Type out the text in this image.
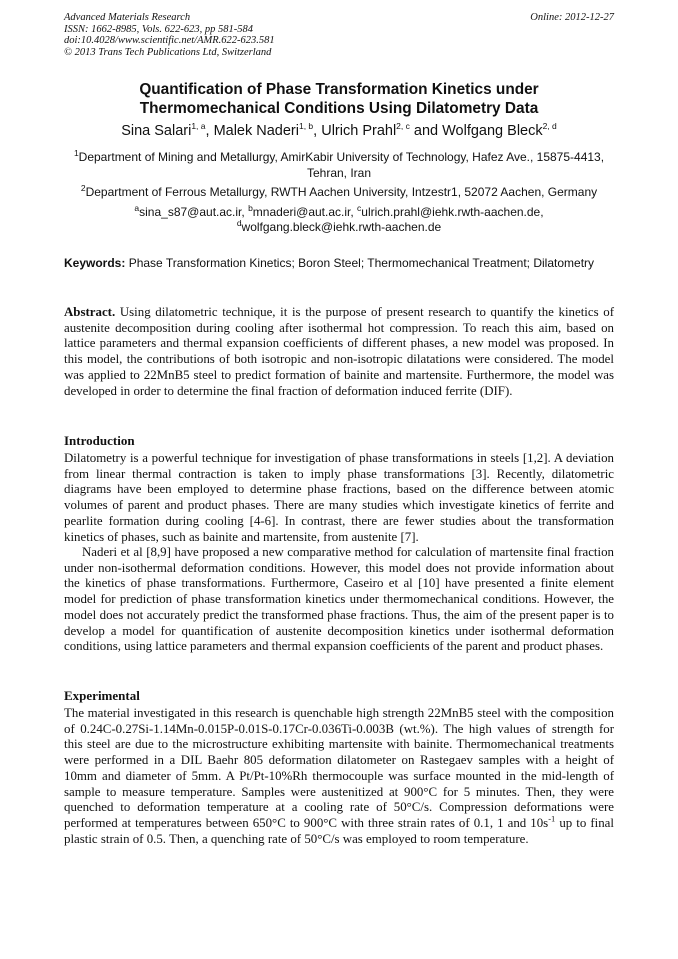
Advanced Materials Research
ISSN: 1662-8985, Vols. 622-623, pp 581-584
doi:10.4028/www.scientific.net/AMR.622-623.581
© 2013 Trans Tech Publications Ltd, Switzerland
Online: 2012-12-27
Quantification of Phase Transformation Kinetics under
Thermomechanical Conditions Using Dilatometry Data
Sina Salari$^{1, a}$, Malek Naderi$^{1, b}$, Ulrich Prahl$^{2, c}$ and Wolfgang Bleck$^{2, d}$
$^1$Department of Mining and Metallurgy, AmirKabir University of Technology, Hafez Ave., 15875-4413, Tehran, Iran
$^2$Department of Ferrous Metallurgy, RWTH Aachen University, Intzestr1, 52072 Aachen, Germany
$^a$sina_s87@aut.ac.ir, $^b$mnaderi@aut.ac.ir, $^c$ulrich.prahl@iehk.rwth-aachen.de,
$^d$wolfgang.bleck@iehk.rwth-aachen.de
Keywords: Phase Transformation Kinetics; Boron Steel; Thermomechanical Treatment; Dilatometry
Abstract. Using dilatometric technique, it is the purpose of present research to quantify the kinetics of austenite decomposition during cooling after isothermal hot compression. To reach this aim, based on lattice parameters and thermal expansion coefficients of different phases, a new model was proposed. In this model, the contributions of both isotropic and non-isotropic dilatations were considered. The model was applied to 22MnB5 steel to predict formation of bainite and martensite. Furthermore, the model was developed in order to determine the final fraction of deformation induced ferrite (DIF).
Introduction
Dilatometry is a powerful technique for investigation of phase transformations in steels [1,2]. A deviation from linear thermal contraction is taken to imply phase transformations [3]. Recently, dilatometric diagrams have been employed to determine phase fractions, based on the difference between atomic volumes of parent and product phases. There are many studies which investigate kinetics of ferrite and pearlite formation during cooling [4-6]. In contrast, there are fewer studies about the transformation kinetics of phases, such as bainite and martensite, from austenite [7].
Naderi et al [8,9] have proposed a new comparative method for calculation of martensite final fraction under non-isothermal deformation conditions. However, this model does not provide information about the kinetics of phase transformations. Furthermore, Caseiro et al [10] have presented a finite element model for prediction of phase transformation kinetics under thermomechanical conditions. However, the model does not accurately predict the transformed phase fractions. Thus, the aim of the present paper is to develop a model for quantification of austenite decomposition kinetics under isothermal deformation conditions, using lattice parameters and thermal expansion coefficients of the parent and product phases.
Experimental
The material investigated in this research is quenchable high strength 22MnB5 steel with the composition of 0.24C-0.27Si-1.14Mn-0.015P-0.01S-0.17Cr-0.036Ti-0.003B (wt.%). The high values of strength for this steel are due to the microstructure exhibiting martensite with bainite. Thermomechanical treatments were performed in a DIL Baehr 805 deformation dilatometer on Rastegaev samples with a height of 10mm and diameter of 5mm. A Pt/Pt-10%Rh thermocouple was surface mounted in the mid-length of sample to measure temperature. Samples were austenitized at 900°C for 5 minutes. Then, they were quenched to deformation temperature at a cooling rate of 50°C/s. Compression deformations were performed at temperatures between 650°C to 900°C with three strain rates of 0.1, 1 and $10s^{-1}$ up to final plastic strain of 0.5. Then, a quenching rate of 50°C/s was employed to room temperature.
